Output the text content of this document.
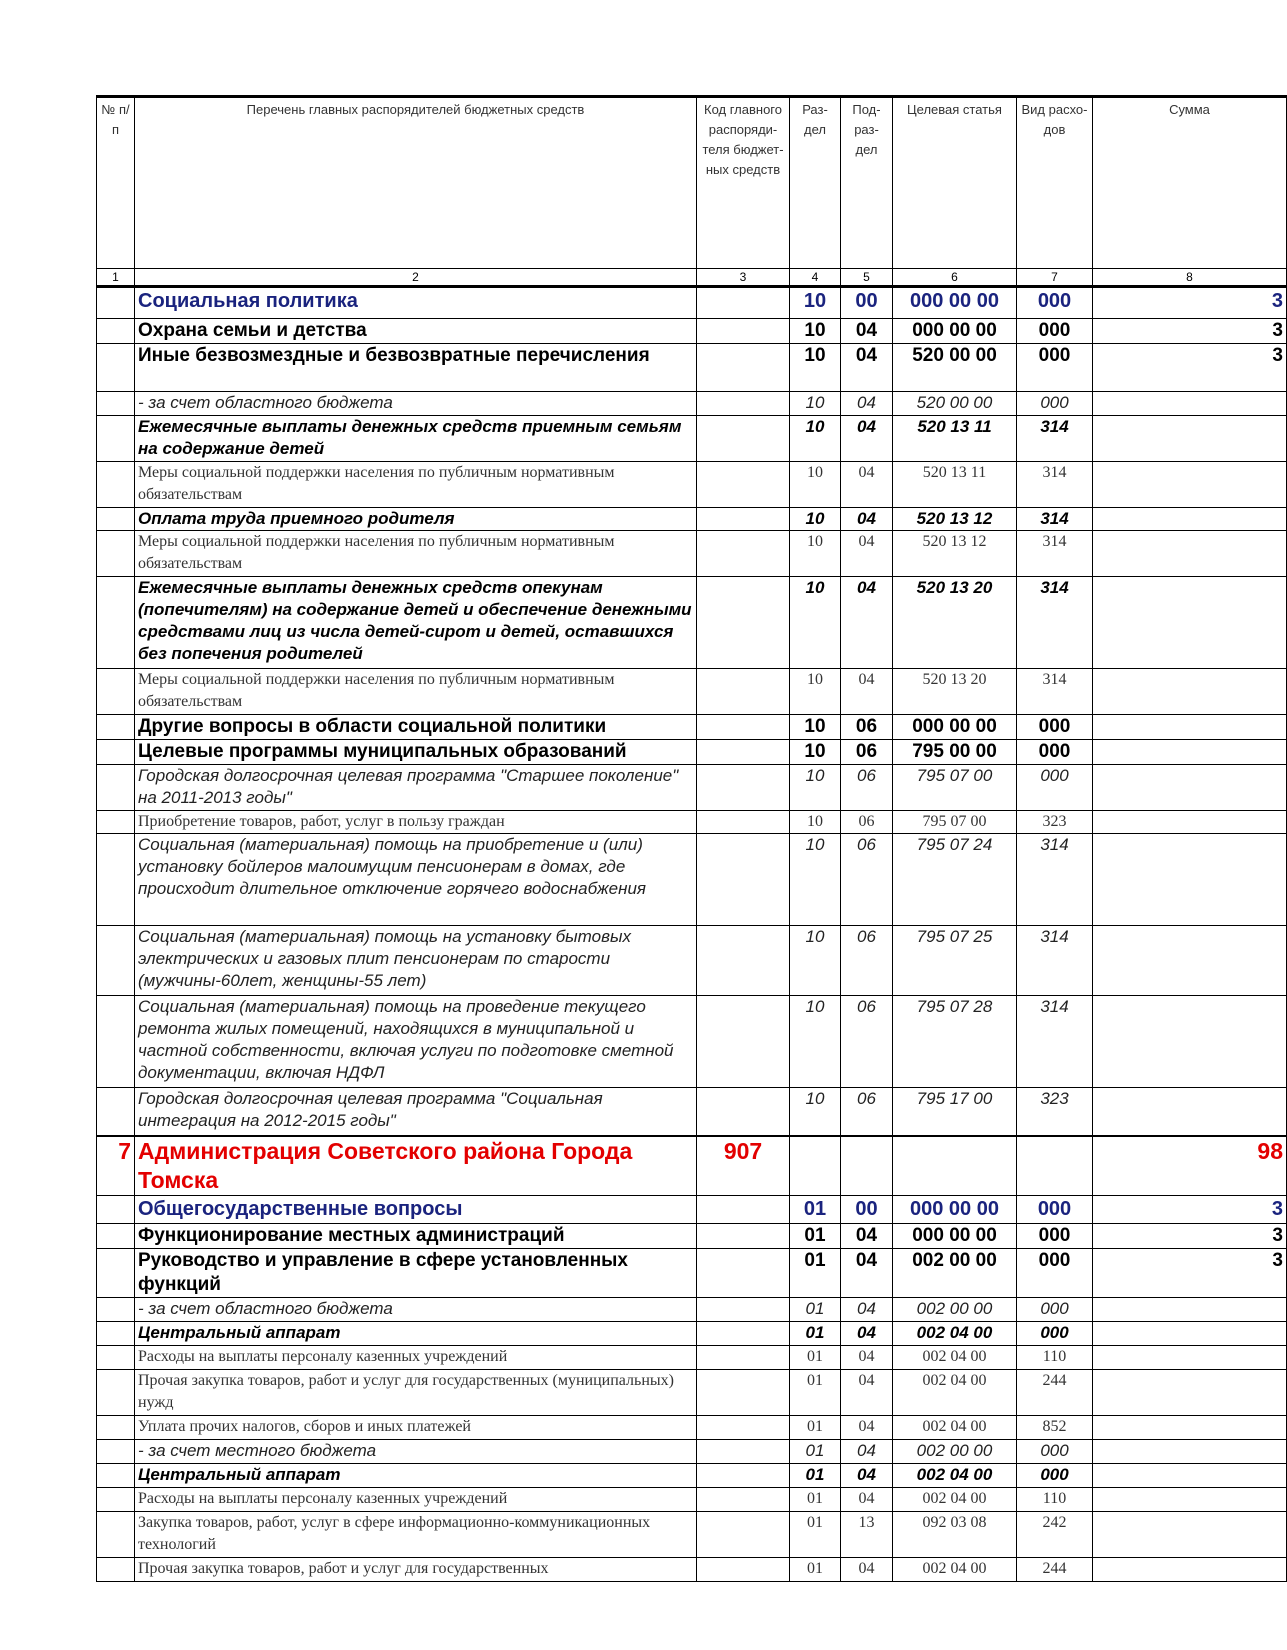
№ п/п	Перечень главных распорядителей бюджетных средств	Код главного распоряди-теля бюджет-ных средств	Раз-дел	Под-раз-дел	Целевая статья	Вид расхо-дов	Сумма
1	2	3	4	5	6	7	8
	Социальная политика		10	00	000 00 00	000	3
	Охрана семьи и детства		10	04	000 00 00	000	3
	Иные безвозмездные и безвозвратные перечисления		10	04	520 00 00	000	3
	- за счет областного бюджета		10	04	520 00 00	000	
	Ежемесячные выплаты денежных средств приемным семьям на содержание детей		10	04	520 13 11	314	
	Меры социальной поддержки населения по публичным нормативным обязательствам		10	04	520 13 11	314	
	Оплата труда приемного родителя		10	04	520 13 12	314	
	Меры социальной поддержки населения по публичным нормативным обязательствам		10	04	520 13 12	314	
	Ежемесячные выплаты денежных средств опекунам (попечителям) на содержание детей и обеспечение денежными средствами лиц из числа детей-сирот и детей, оставшихся без попечения родителей		10	04	520 13 20	314	
	Меры социальной поддержки населения по публичным нормативным обязательствам		10	04	520 13 20	314	
	Другие вопросы в области социальной политики		10	06	000 00 00	000	
	Целевые программы муниципальных образований		10	06	795 00 00	000	
	Городская долгосрочная целевая программа "Старшее поколение" на 2011-2013 годы"		10	06	795 07 00	000	
	Приобретение товаров, работ, услуг в пользу граждан		10	06	795 07 00	323	
	Социальная (материальная) помощь на приобретение и (или) установку бойлеров малоимущим пенсионерам в домах, где происходит длительное отключение горячего водоснабжения		10	06	795 07 24	314	
	Социальная (материальная) помощь на установку бытовых электрических и газовых плит пенсионерам по старости (мужчины-60лет, женщины-55 лет)		10	06	795 07 25	314	
	Социальная (материальная) помощь на проведение текущего ремонта жилых помещений, находящихся в муниципальной и частной собственности, включая услуги по подготовке сметной документации, включая НДФЛ		10	06	795 07 28	314	
	Городская долгосрочная целевая программа "Социальная интеграция на 2012-2015 годы"		10	06	795 17 00	323	
7	Администрация Советского района Города Томска	907					98
	Общегосударственные вопросы		01	00	000 00 00	000	3
	Функционирование местных администраций		01	04	000 00 00	000	3
	Руководство и управление в сфере установленных функций		01	04	002 00 00	000	3
	- за счет областного бюджета		01	04	002 00 00	000	
	Центральный аппарат		01	04	002 04 00	000	
	Расходы на выплаты персоналу казенных учреждений		01	04	002 04 00	110	
	Прочая закупка товаров, работ и услуг для государственных (муниципальных) нужд		01	04	002 04 00	244	
	Уплата прочих налогов, сборов и иных платежей		01	04	002 04 00	852	
	- за счет местного бюджета		01	04	002 00 00	000	
	Центральный аппарат		01	04	002 04 00	000	
	Расходы на выплаты персоналу казенных учреждений		01	04	002 04 00	110	
	Закупка товаров, работ, услуг в сфере информационно-коммуникационных технологий		01	13	092 03 08	242	
	Прочая закупка товаров, работ и услуг для государственных		01	04	002 04 00	244	
